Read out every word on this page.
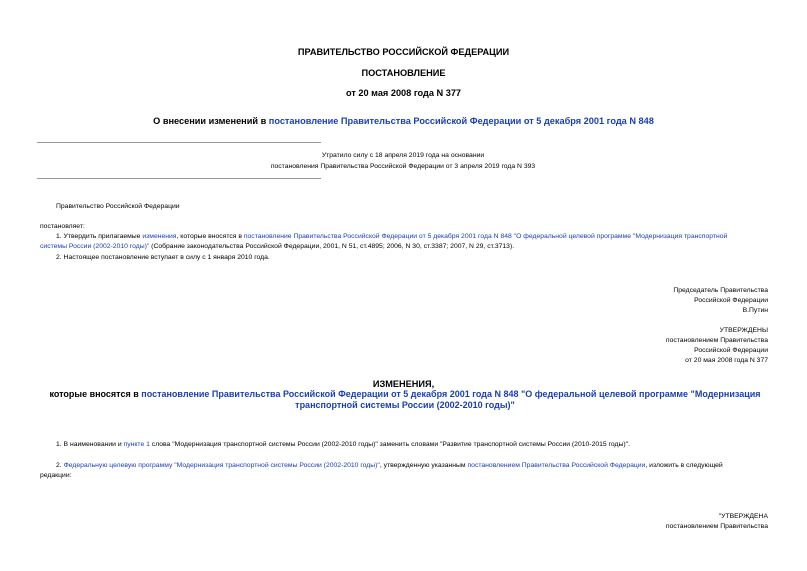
ПРАВИТЕЛЬСТВО РОССИЙСКОЙ ФЕДЕРАЦИИ
ПОСТАНОВЛЕНИЕ
от 20 мая 2008 года N 377
О внесении изменений в постановление Правительства Российской Федерации от 5 декабря 2001 года N 848
Утратило силу с 18 апреля 2019 года на основании
постановления Правительства Российской Федерации от 3 апреля 2019 года N 393
Правительство Российской Федерации
постановляет:
1. Утвердить прилагаемые изменения, которые вносятся в постановление Правительства Российской Федерации от 5 декабря 2001 года N 848 "О федеральной целевой программе "Модернизация транспортной
системы России (2002-2010 годы)" (Собрание законодательства Российской Федерации, 2001, N 51, ст.4895; 2006, N 30, ст.3387; 2007, N 29, ст.3713).
2. Настоящее постановление вступает в силу с 1 января 2010 года.
Председатель Правительства
Российской Федерации
В.Путин
УТВЕРЖДЕНЫ
постановлением Правительства
Российской Федерации
от 20 мая 2008 года N 377
ИЗМЕНЕНИЯ,
которые вносятся в постановление Правительства Российской Федерации от 5 декабря 2001 года N 848 "О федеральной целевой программе "Модернизация
транспортной системы России (2002-2010 годы)"
1. В наименовании и пункте 1 слова "Модернизация транспортной системы России (2002-2010 годы)" заменить словами "Развитие транспортной системы России (2010-2015 годы)".
2. Федеральную целевую программу "Модернизация транспортной системы России (2002-2010 годы)", утвержденную указанным постановлением Правительства Российской Федерации, изложить в следующей
редакции:
"УТВЕРЖДЕНА
постановлением Правительства
